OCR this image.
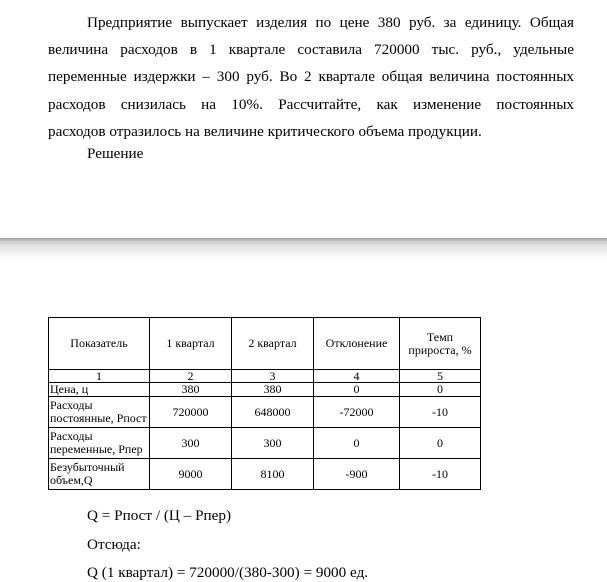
Предприятие выпускает изделия по цене 380 руб. за единицу. Общая
величина расходов в 1 квартале составила 720000 тыс. руб., удельные
переменные издержки – 300 руб. Во 2 квартале общая величина постоянных
расходов снизилась на 10%. Рассчитайте, как изменение постоянных
расходов отразилось на величине критического объема продукции.
Решение
Показатель	1 квартал	2 квартал	Отклонение	Темп прироста, %
1	2	3	4	5
Цена, ц	380	380	0	0
Расходы постоянные, Рпост	720000	648000	-72000	-10
Расходы переменные, Рпер	300	300	0	0
Безубыточный объем,Q	9000	8100	-900	-10
Q = Рпост / (Ц – Рпер)
Отсюда:
Q (1 квартал) = 720000/(380-300) = 9000 ед.
